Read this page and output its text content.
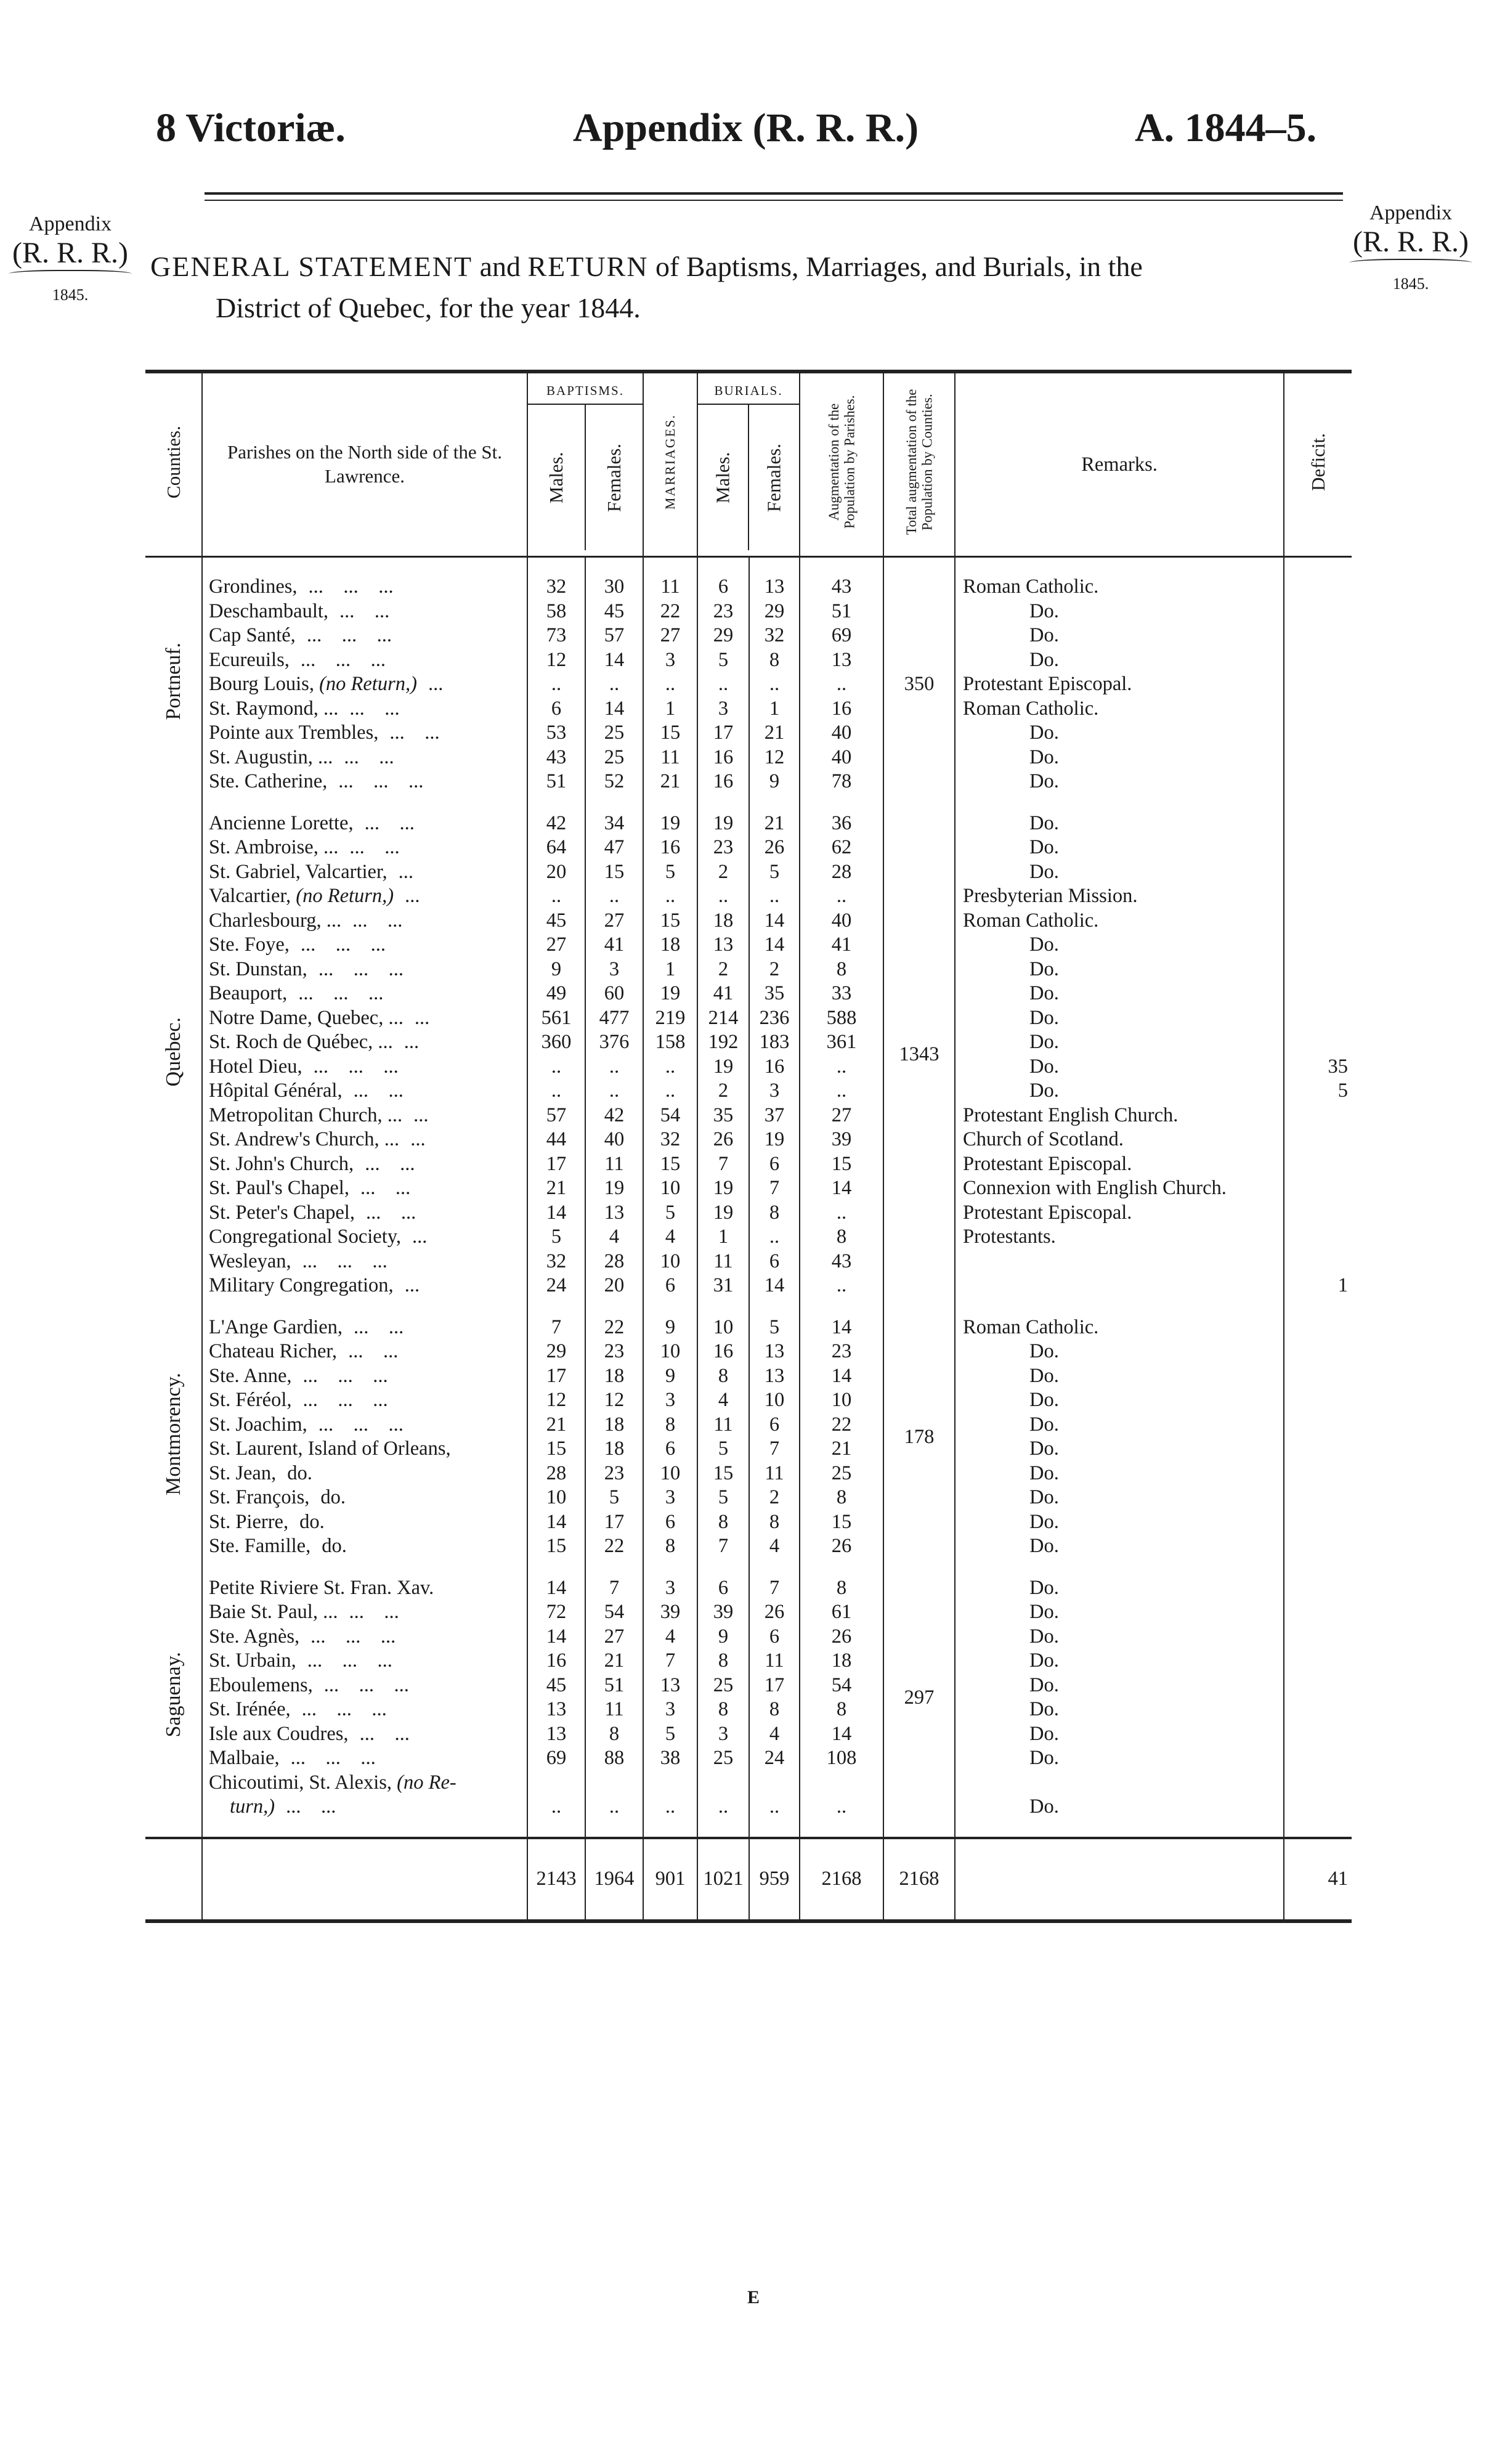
8 Victoriæ.	Appendix (R. R. R.)	A. 1844–5.
Appendix
(R. R. R.)
1845.
Appendix
(R. R. R.)
1845.
GENERAL STATEMENT and RETURN of Baptisms, Marriages, and Burials, in the
District of Quebec, for the year 1844.
Counties.	Parishes on the North side of the St. Lawrence.	BAPTISMS.
Males. Females.		MARRIAGES.	BURIALS.
Males. Females.		Augmentation of the Population by Parishes.	Total augmentation of the Population by Counties.	Remarks.	Deficit.

Portneuf.	Grondines, ...    ...    ...	32	30	11	6	13	43	350	Roman Catholic.	
	Deschambault, ...    ...	58	45	22	23	29	51		Do.	
	Cap Santé, ...    ...    ...	73	57	27	29	32	69		Do.	
	Ecureuils, ...    ...    ...	12	14	3	5	8	13		Do.	
	Bourg Louis, (no Return,) ...	..	..	..	..	..	..		Protestant Episcopal.	
	St. Raymond, ... ...    ...	6	14	1	3	1	16		Roman Catholic.	
	Pointe aux Trembles, ...    ...	53	25	15	17	21	40		Do.	
	St. Augustin, ... ...    ...	43	25	11	16	12	40		Do.	
	Ste. Catherine, ...    ...    ...	51	52	21	16	9	78		Do.	

Quebec.	Ancienne Lorette, ...    ...	42	34	19	19	21	36	1343	Do.	
	St. Ambroise, ... ...    ...	64	47	16	23	26	62		Do.	
	St. Gabriel, Valcartier, ...	20	15	5	2	5	28		Do.	
	Valcartier, (no Return,) ...	..	..	..	..	..	..		Presbyterian Mission.	
	Charlesbourg, ... ...    ...	45	27	15	18	14	40		Roman Catholic.	
	Ste. Foye, ...    ...    ...	27	41	18	13	14	41		Do.	
	St. Dunstan, ...    ...    ...	9	3	1	2	2	8		Do.	
	Beauport, ...    ...    ...	49	60	19	41	35	33		Do.	
	Notre Dame, Quebec, ... ...	561	477	219	214	236	588		Do.	
	St. Roch de Québec, ... ...	360	376	158	192	183	361		Do.	
	Hotel Dieu, ...    ...    ...	..	..	..	19	16	..		Do.	35
	Hôpital Général, ...    ...	..	..	..	2	3	..		Do.	5
	Metropolitan Church, ... ...	57	42	54	35	37	27		Protestant English Church.	
	St. Andrew's Church, ... ...	44	40	32	26	19	39		Church of Scotland.	
	St. John's Church, ...    ...	17	11	15	7	6	15		Protestant Episcopal.	
	St. Paul's Chapel, ...    ...	21	19	10	19	7	14		Connexion with English Church.	
	St. Peter's Chapel, ...    ...	14	13	5	19	8	..		Protestant Episcopal.	
	Congregational Society, ...	5	4	4	1	..	8		Protestants.	
	Wesleyan, ...    ...    ...	32	28	10	11	6	43			
	Military Congregation, ...	24	20	6	31	14	..			1

Montmorency.	L'Ange Gardien, ...    ...	7	22	9	10	5	14	178	Roman Catholic.	
	Chateau Richer, ...    ...	29	23	10	16	13	23		Do.	
	Ste. Anne, ...    ...    ...	17	18	9	8	13	14		Do.	
	St. Féréol, ...    ...    ...	12	12	3	4	10	10		Do.	
	St. Joachim, ...    ...    ...	21	18	8	11	6	22		Do.	
	St. Laurent, Island of Orleans,	15	18	6	5	7	21		Do.	
	St. Jean, do.	28	23	10	15	11	25		Do.	
	St. François, do.	10	5	3	5	2	8		Do.	
	St. Pierre, do.	14	17	6	8	8	15		Do.	
	Ste. Famille, do.	15	22	8	7	4	26		Do.	

Saguenay.	Petite Riviere St. Fran. Xav.	14	7	3	6	7	8	297	Do.	
	Baie St. Paul, ... ...    ...	72	54	39	39	26	61		Do.	
	Ste. Agnès, ...    ...    ...	14	27	4	9	6	26		Do.	
	St. Urbain, ...    ...    ...	16	21	7	8	11	18		Do.	
	Eboulemens, ...    ...    ...	45	51	13	25	17	54		Do.	
	St. Irénée, ...    ...    ...	13	11	3	8	8	8		Do.	
	Isle aux Coudres, ...    ...	13	8	5	3	4	14		Do.	
	Malbaie, ...    ...    ...	69	88	38	25	24	108		Do.	
	Chicoutimi, St. Alexis, (no Re-									
	turn,) ...    ...	..	..	..	..	..	..		Do.	

		2143	1964	901	1021	959	2168	2168		41
E
